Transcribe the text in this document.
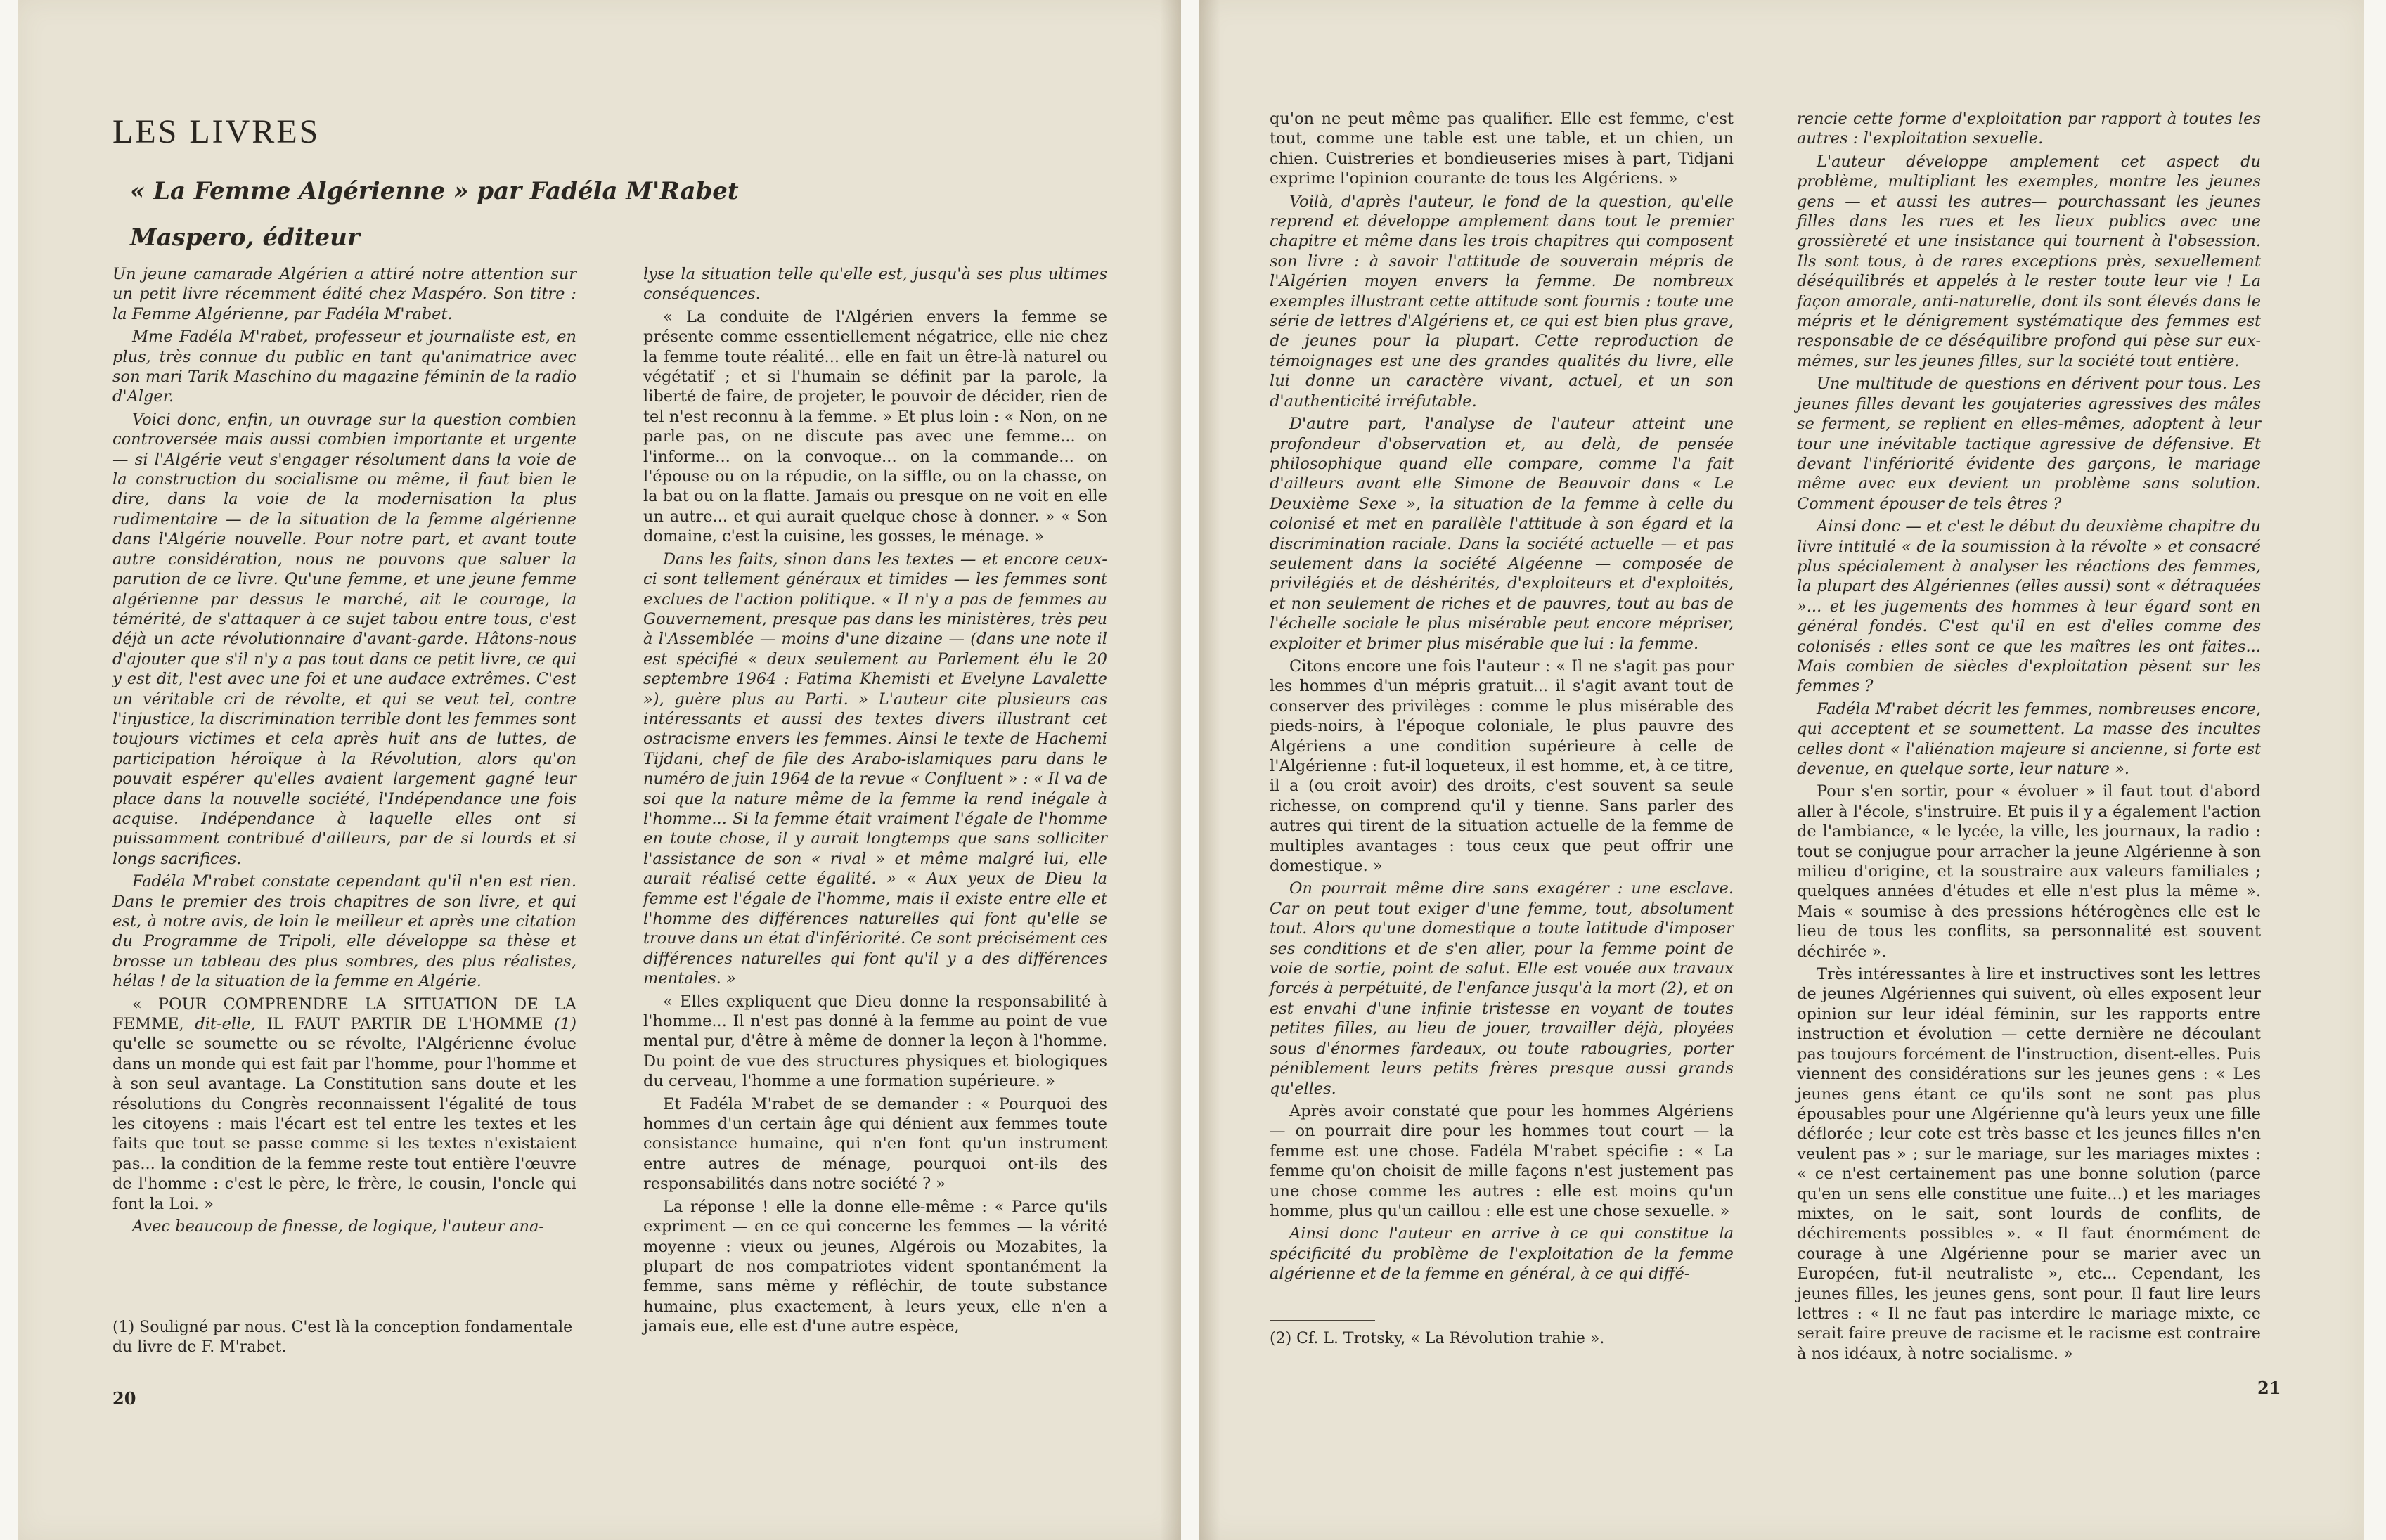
LES LIVRES
« La Femme Algérienne » par Fadéla M'Rabet
Maspero, éditeur

Un jeune camarade Algérien a attiré notre attention sur un petit livre récemment édité chez Maspéro. Son titre : la Femme Algérienne, par Fadéla M'rabet.

Mme Fadéla M'rabet, professeur et journaliste est, en plus, très connue du public en tant qu'animatrice avec son mari Tarik Maschino du magazine féminin de la radio d'Alger.

Voici donc, enfin, un ouvrage sur la question combien controversée mais aussi combien importante et urgente — si l'Algérie veut s'engager résolument dans la voie de la construction du socialisme ou même, il faut bien le dire, dans la voie de la modernisation la plus rudimentaire — de la situation de la femme algérienne dans l'Algérie nouvelle. Pour notre part, et avant toute autre considération, nous ne pouvons que saluer la parution de ce livre. Qu'une femme, et une jeune femme algérienne par dessus le marché, ait le courage, la témérité, de s'attaquer à ce sujet tabou entre tous, c'est déjà un acte révolutionnaire d'avant-garde. Hâtons-nous d'ajouter que s'il n'y a pas tout dans ce petit livre, ce qui y est dit, l'est avec une foi et une audace extrêmes. C'est un véritable cri de révolte, et qui se veut tel, contre l'injustice, la discrimination terrible dont les femmes sont toujours victimes et cela après huit ans de luttes, de participation héroïque à la Révolution, alors qu'on pouvait espérer qu'elles avaient largement gagné leur place dans la nouvelle société, l'Indépendance une fois acquise. Indépendance à laquelle elles ont si puissamment contribué d'ailleurs, par de si lourds et si longs sacrifices.

Fadéla M'rabet constate cependant qu'il n'en est rien. Dans le premier des trois chapitres de son livre, et qui est, à notre avis, de loin le meilleur et après une citation du Programme de Tripoli, elle développe sa thèse et brosse un tableau des plus sombres, des plus réalistes, hélas ! de la situation de la femme en Algérie.

« POUR COMPRENDRE LA SITUATION DE LA FEMME, dit-elle, IL FAUT PARTIR DE L'HOMME (1) qu'elle se soumette ou se révolte, l'Algérienne évolue dans un monde qui est fait par l'homme, pour l'homme et à son seul avantage. La Constitution sans doute et les résolutions du Congrès reconnaissent l'égalité de tous les citoyens : mais l'écart est tel entre les textes et les faits que tout se passe comme si les textes n'existaient pas... la condition de la femme reste tout entière l'œuvre de l'homme : c'est le père, le frère, le cousin, l'oncle qui font la Loi. »

Avec beaucoup de finesse, de logique, l'auteur ana-

lyse la situation telle qu'elle est, jusqu'à ses plus ultimes conséquences.

« La conduite de l'Algérien envers la femme se présente comme essentiellement négatrice, elle nie chez la femme toute réalité... elle en fait un être-là naturel ou végétatif ; et si l'humain se définit par la parole, la liberté de faire, de projeter, le pouvoir de décider, rien de tel n'est reconnu à la femme. » Et plus loin : « Non, on ne parle pas, on ne discute pas avec une femme... on l'informe... on la convoque... on la commande... on l'épouse ou on la répudie, on la siffle, ou on la chasse, on la bat ou on la flatte. Jamais ou presque on ne voit en elle un autre... et qui aurait quelque chose à donner. » « Son domaine, c'est la cuisine, les gosses, le ménage. »

Dans les faits, sinon dans les textes — et encore ceux-ci sont tellement généraux et timides — les femmes sont exclues de l'action politique. « Il n'y a pas de femmes au Gouvernement, presque pas dans les ministères, très peu à l'Assemblée — moins d'une dizaine — (dans une note il est spécifié « deux seulement au Parlement élu le 20 septembre 1964 : Fatima Khemisti et Evelyne Lavalette »), guère plus au Parti. » L'auteur cite plusieurs cas intéressants et aussi des textes divers illustrant cet ostracisme envers les femmes. Ainsi le texte de Hachemi Tijdani, chef de file des Arabo-islamiques paru dans le numéro de juin 1964 de la revue « Confluent » : « Il va de soi que la nature même de la femme la rend inégale à l'homme... Si la femme était vraiment l'égale de l'homme en toute chose, il y aurait longtemps que sans solliciter l'assistance de son « rival » et même malgré lui, elle aurait réalisé cette égalité. » « Aux yeux de Dieu la femme est l'égale de l'homme, mais il existe entre elle et l'homme des différences naturelles qui font qu'elle se trouve dans un état d'infériorité. Ce sont précisément ces différences naturelles qui font qu'il y a des différences mentales. »

« Elles expliquent que Dieu donne la responsabilité à l'homme... Il n'est pas donné à la femme au point de vue mental pur, d'être à même de donner la leçon à l'homme. Du point de vue des structures physiques et biologiques du cerveau, l'homme a une formation supérieure. »

Et Fadéla M'rabet de se demander : « Pourquoi des hommes d'un certain âge qui dénient aux femmes toute consistance humaine, qui n'en font qu'un instrument entre autres de ménage, pourquoi ont-ils des responsabilités dans notre société ? »

La réponse ! elle la donne elle-même : « Parce qu'ils expriment — en ce qui concerne les femmes — la vérité moyenne : vieux ou jeunes, Algérois ou Mozabites, la plupart de nos compatriotes vident spontanément la femme, sans même y réfléchir, de toute substance humaine, plus exactement, à leurs yeux, elle n'en a jamais eue, elle est d'une autre espèce,

(1) Souligné par nous. C'est là la conception fondamentale du livre de F. M'rabet.
20

qu'on ne peut même pas qualifier. Elle est femme, c'est tout, comme une table est une table, et un chien, un chien. Cuistreries et bondieuseries mises à part, Tidjani exprime l'opinion courante de tous les Algériens. »

Voilà, d'après l'auteur, le fond de la question, qu'elle reprend et développe amplement dans tout le premier chapitre et même dans les trois chapitres qui composent son livre : à savoir l'attitude de souverain mépris de l'Algérien moyen envers la femme. De nombreux exemples illustrant cette attitude sont fournis : toute une série de lettres d'Algériens et, ce qui est bien plus grave, de jeunes pour la plupart. Cette reproduction de témoignages est une des grandes qualités du livre, elle lui donne un caractère vivant, actuel, et un son d'authenticité irréfutable.

D'autre part, l'analyse de l'auteur atteint une profondeur d'observation et, au delà, de pensée philosophique quand elle compare, comme l'a fait d'ailleurs avant elle Simone de Beauvoir dans « Le Deuxième Sexe », la situation de la femme à celle du colonisé et met en parallèle l'attitude à son égard et la discrimination raciale. Dans la société actuelle — et pas seulement dans la société Algéenne — composée de privilégiés et de déshérités, d'exploiteurs et d'exploités, et non seulement de riches et de pauvres, tout au bas de l'échelle sociale le plus misérable peut encore mépriser, exploiter et brimer plus misérable que lui : la femme.

Citons encore une fois l'auteur : « Il ne s'agit pas pour les hommes d'un mépris gratuit... il s'agit avant tout de conserver des privilèges : comme le plus misérable des pieds-noirs, à l'époque coloniale, le plus pauvre des Algériens a une condition supérieure à celle de l'Algérienne : fut-il loqueteux, il est homme, et, à ce titre, il a (ou croit avoir) des droits, c'est souvent sa seule richesse, on comprend qu'il y tienne. Sans parler des autres qui tirent de la situation actuelle de la femme de multiples avantages : tous ceux que peut offrir une domestique. »

On pourrait même dire sans exagérer : une esclave. Car on peut tout exiger d'une femme, tout, absolument tout. Alors qu'une domestique a toute latitude d'imposer ses conditions et de s'en aller, pour la femme point de voie de sortie, point de salut. Elle est vouée aux travaux forcés à perpétuité, de l'enfance jusqu'à la mort (2), et on est envahi d'une infinie tristesse en voyant de toutes petites filles, au lieu de jouer, travailler déjà, ployées sous d'énormes fardeaux, ou toute rabougries, porter péniblement leurs petits frères presque aussi grands qu'elles.

Après avoir constaté que pour les hommes Algériens — on pourrait dire pour les hommes tout court — la femme est une chose. Fadéla M'rabet spécifie : « La femme qu'on choisit de mille façons n'est justement pas une chose comme les autres : elle est moins qu'un homme, plus qu'un caillou : elle est une chose sexuelle. »

Ainsi donc l'auteur en arrive à ce qui constitue la spécificité du problème de l'exploitation de la femme algérienne et de la femme en général, à ce qui diffé-

rencie cette forme d'exploitation par rapport à toutes les autres : l'exploitation sexuelle.

L'auteur développe amplement cet aspect du problème, multipliant les exemples, montre les jeunes gens — et aussi les autres— pourchassant les jeunes filles dans les rues et les lieux publics avec une grossièreté et une insistance qui tournent à l'obsession. Ils sont tous, à de rares exceptions près, sexuellement déséquilibrés et appelés à le rester toute leur vie ! La façon amorale, anti-naturelle, dont ils sont élevés dans le mépris et le dénigrement systématique des femmes est responsable de ce déséquilibre profond qui pèse sur eux-mêmes, sur les jeunes filles, sur la société tout entière.

Une multitude de questions en dérivent pour tous. Les jeunes filles devant les goujateries agressives des mâles se ferment, se replient en elles-mêmes, adoptent à leur tour une inévitable tactique agressive de défensive. Et devant l'infériorité évidente des garçons, le mariage même avec eux devient un problème sans solution. Comment épouser de tels êtres ?

Ainsi donc — et c'est le début du deuxième chapitre du livre intitulé « de la soumission à la révolte » et consacré plus spécialement à analyser les réactions des femmes, la plupart des Algériennes (elles aussi) sont « détraquées »... et les jugements des hommes à leur égard sont en général fondés. C'est qu'il en est d'elles comme des colonisés : elles sont ce que les maîtres les ont faites... Mais combien de siècles d'exploitation pèsent sur les femmes ?

Fadéla M'rabet décrit les femmes, nombreuses encore, qui acceptent et se soumettent. La masse des incultes celles dont « l'aliénation majeure si ancienne, si forte est devenue, en quelque sorte, leur nature ».

Pour s'en sortir, pour « évoluer » il faut tout d'abord aller à l'école, s'instruire. Et puis il y a également l'action de l'ambiance, « le lycée, la ville, les journaux, la radio : tout se conjugue pour arracher la jeune Algérienne à son milieu d'origine, et la soustraire aux valeurs familiales ; quelques années d'études et elle n'est plus la même ». Mais « soumise à des pressions hétérogènes elle est le lieu de tous les conflits, sa personnalité est souvent déchirée ».

Très intéressantes à lire et instructives sont les lettres de jeunes Algériennes qui suivent, où elles exposent leur opinion sur leur idéal féminin, sur les rapports entre instruction et évolution — cette dernière ne découlant pas toujours forcément de l'instruction, disent-elles. Puis viennent des considérations sur les jeunes gens : « Les jeunes gens étant ce qu'ils sont ne sont pas plus épousables pour une Algérienne qu'à leurs yeux une fille déflorée ; leur cote est très basse et les jeunes filles n'en veulent pas » ; sur le mariage, sur les mariages mixtes : « ce n'est certainement pas une bonne solution (parce qu'en un sens elle constitue une fuite...) et les mariages mixtes, on le sait, sont lourds de conflits, de déchirements possibles ». « Il faut énormément de courage à une Algérienne pour se marier avec un Européen, fut-il neutraliste », etc... Cependant, les jeunes filles, les jeunes gens, sont pour. Il faut lire leurs lettres : « Il ne faut pas interdire le mariage mixte, ce serait faire preuve de racisme et le racisme est contraire à nos idéaux, à notre socialisme. »

(2) Cf. L. Trotsky, « La Révolution trahie ».
21
